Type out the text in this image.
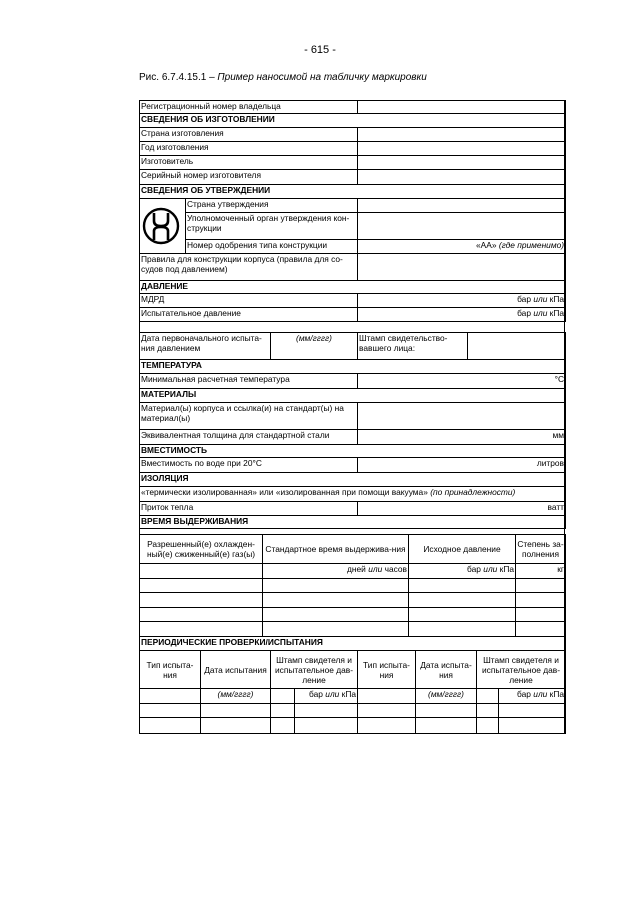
- 615 -
Рис. 6.7.4.15.1 – Пример наносимой на табличку маркировки
Регистрационный номер владельца		
СВЕДЕНИЯ ОБ ИЗГОТОВЛЕНИИ		
Страна изготовления		
Год изготовления		
Изготовитель		
Серийный номер изготовителя		
СВЕДЕНИЯ ОБ УТВЕРЖДЕНИИ		

	Страна утверждения	
	Уполномоченный орган утверждения кон-струкции	
	Номер одобрения типа конструкции	«АА» (где применимо)
Правила для конструкции корпуса (правила для со-судов под давлением)		
ДАВЛЕНИЕ		
МДРД		бар или кПа
Испытательное давление		бар или кПа
Дата первоначального испыта-ния давлением	(мм/гггг)	Штамп свидетельство-вавшего лица:	
ТЕМПЕРАТУРА	
Минимальная расчетная температура	°C
МАТЕРИАЛЫ	
Материал(ы) корпуса и ссылка(и) на стандарт(ы) на материал(ы)	
Эквивалентная толщина для стандартной стали	мм
ВМЕСТИМОСТЬ	
Вместимость по воде при 20°C	литров
ИЗОЛЯЦИЯ	
«термически изолированная» или «изолированная при помощи вакуума» (по принадлежности)	
Приток тепла	ватт
ВРЕМЯ ВЫДЕРЖИВАНИЯ	
Разрешенный(е) охлажден-ный(е) сжиженный(е) газ(ы)	Стандартное время выдержива-ния	Исходное давление	Степень за-полнения
	дней или часов	бар или кПа	кг

ПЕРИОДИЧЕСКИЕ ПРОВЕРКИ/ИСПЫТАНИЯ							
Тип испыта-ния	Дата испытания	Штамп свидетеля и испытательное дав-ление		Тип испыта-ния	Дата испыта-ния	Штамп свидетеля и испытательное дав-ление	
	(мм/гггг)		бар или кПа		(мм/гггг)		бар или кПа
